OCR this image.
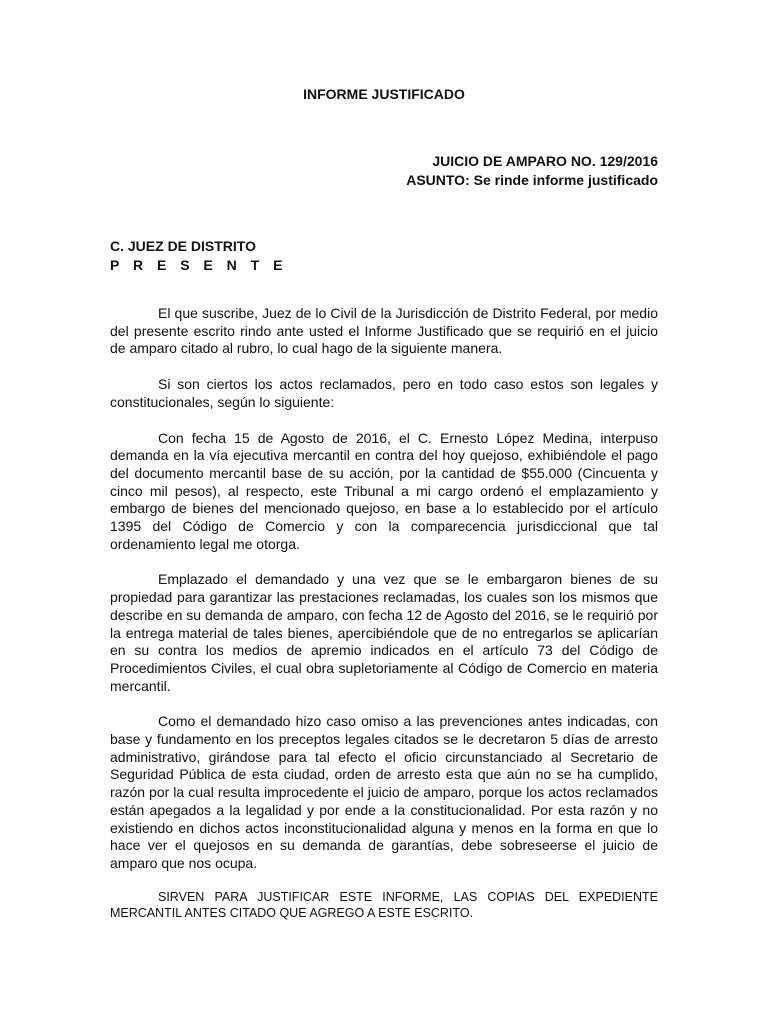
INFORME JUSTIFICADO
JUICIO DE AMPARO NO. 129/2016
ASUNTO: Se rinde informe justificado
C. JUEZ DE DISTRITO
P R E S E N T E

El que suscribe, Juez de lo Civil de la Jurisdicción de Distrito Federal, por medio del presente escrito rindo ante usted el Informe Justificado que se requirió en el juicio de amparo citado al rubro, lo cual hago de la siguiente manera.

Si son ciertos los actos reclamados, pero en todo caso estos son legales y constitucionales, según lo siguiente:

Con fecha 15 de Agosto de 2016, el C. Ernesto López Medina, interpuso demanda en la vía ejecutiva mercantil en contra del hoy quejoso, exhibiéndole el pago del documento mercantil base de su acción, por la cantidad de $55.000 (Cincuenta y cinco mil pesos), al respecto, este Tribunal a mi cargo ordenó el emplazamiento y embargo de bienes del mencionado quejoso, en base a lo establecido por el artículo 1395 del Código de Comercio y con la comparecencia jurisdiccional que tal ordenamiento legal me otorga.

Emplazado el demandado y una vez que se le embargaron bienes de su propiedad para garantizar las prestaciones reclamadas, los cuales son los mismos que describe en su demanda de amparo, con fecha 12 de Agosto del 2016, se le requirió por la entrega material de tales bienes, apercibiéndole que de no entregarlos se aplicarían en su contra los medios de apremio indicados en el artículo 73 del Código de Procedimientos Civiles, el cual obra supletoriamente al Código de Comercio en materia mercantil.

Como el demandado hizo caso omiso a las prevenciones antes indicadas, con base y fundamento en los preceptos legales citados se le decretaron 5 días de arresto administrativo, girándose para tal efecto el oficio circunstanciado al Secretario de Seguridad Pública de esta ciudad, orden de arresto esta que aún no se ha cumplido, razón por la cual resulta improcedente el juicio de amparo, porque los actos reclamados están apegados a la legalidad y por ende a la constitucionalidad. Por esta razón y no existiendo en dichos actos inconstitucionalidad alguna y menos en la forma en que lo hace ver el quejosos en su demanda de garantías, debe sobreseerse el juicio de amparo que nos ocupa.

SIRVEN PARA JUSTIFICAR ESTE INFORME, LAS COPIAS DEL EXPEDIENTE MERCANTIL ANTES CITADO QUE AGREGO A ESTE ESCRITO.
